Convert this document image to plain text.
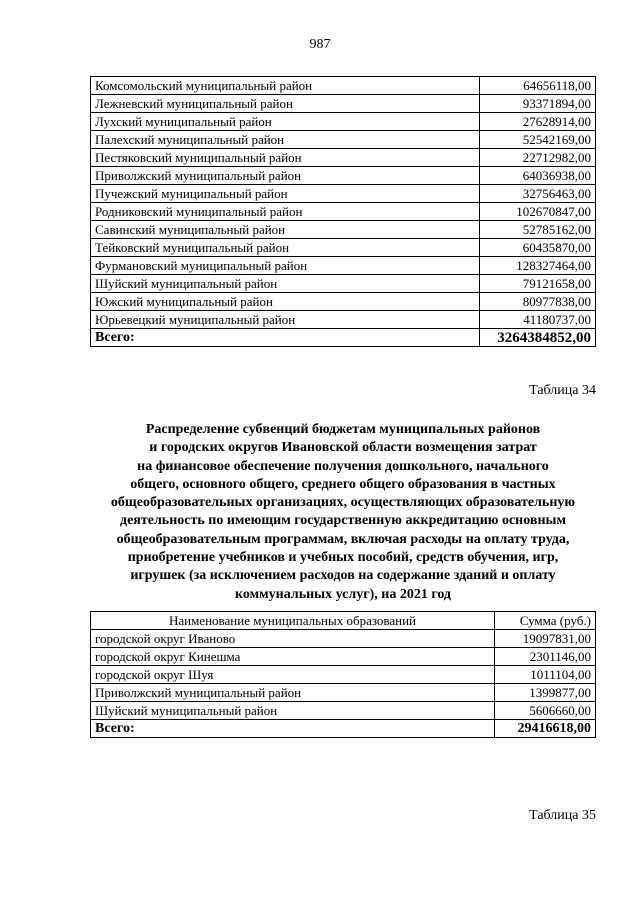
987
Комсомольский муниципальный район	64656118,00
Лежневский муниципальный район	93371894,00
Лухский муниципальный район	27628914,00
Палехский муниципальный район	52542169,00
Пестяковский муниципальный район	22712982,00
Приволжский муниципальный район	64036938,00
Пучежский муниципальный район	32756463,00
Родниковский муниципальный район	102670847,00
Савинский муниципальный район	52785162,00
Тейковский муниципальный район	60435870,00
Фурмановский муниципальный район	128327464,00
Шуйский муниципальный район	79121658,00
Южский муниципальный район	80977838,00
Юрьевецкий муниципальный район	41180737,00
Всего:	3264384852,00
Таблица 34
Распределение субвенций бюджетам муниципальных районов
и городских округов Ивановской области возмещения затрат
на финансовое обеспечение получения дошкольного, начального
общего, основного общего, среднего общего образования в частных
общеобразовательных организациях, осуществляющих образовательную
деятельность по имеющим государственную аккредитацию основным
общеобразовательным программам, включая расходы на оплату труда,
приобретение учебников и учебных пособий, средств обучения, игр,
игрушек (за исключением расходов на содержание зданий и оплату
коммунальных услуг), на 2021 год
Наименование муниципальных образований	Сумма (руб.)
городской округ Иваново	19097831,00
городской округ Кинешма	2301146,00
городской округ Шуя	1011104,00
Приволжский муниципальный район	1399877,00
Шуйский муниципальный район	5606660,00
Всего:	29416618,00
Таблица 35
